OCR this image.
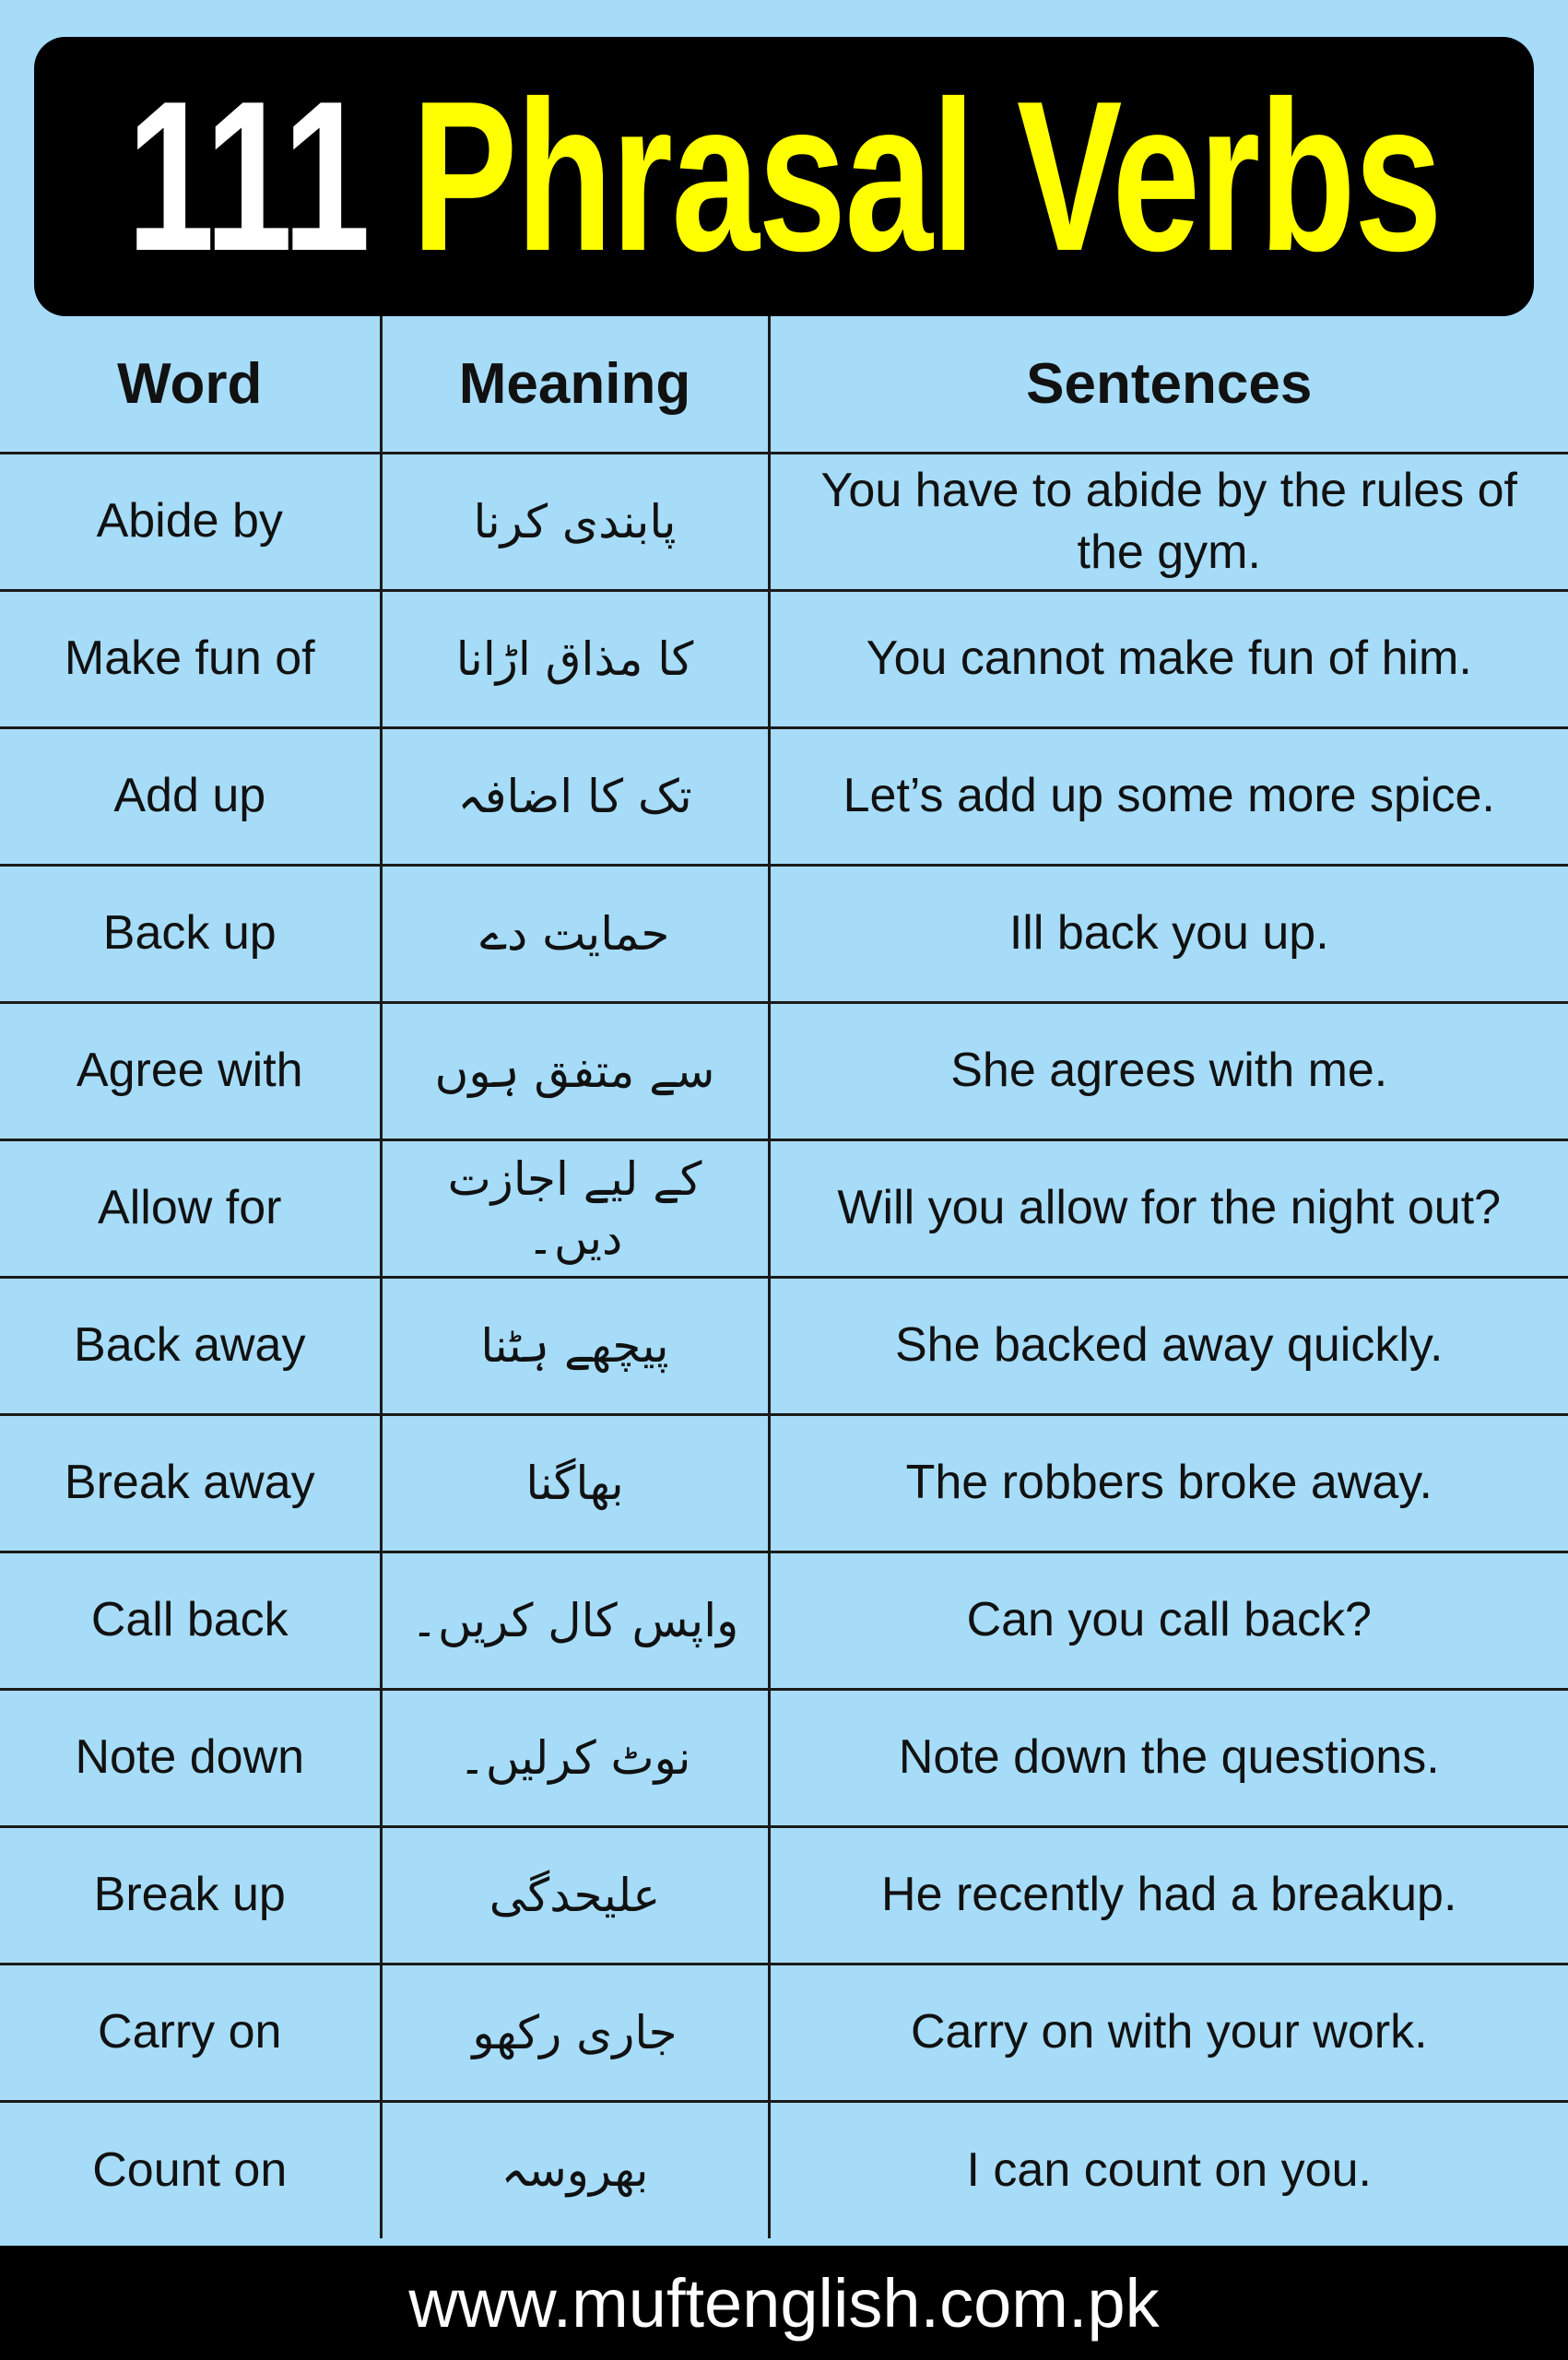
111 Phrasal Verbs
Word	Meaning	Sentences
Abide by	پابندی کرنا	You have to abide by the rules of the gym.
Make fun of	کا مذاق اڑانا	You cannot make fun of him.
Add up	تک کا اضافہ	Let’s add up some more spice.
Back up	حمایت دے	Ill back you up.
Agree with	سے متفق ہوں	She agrees with me.
Allow for	کے لیے اجازت دیں۔	Will you allow for the night out?
Back away	پیچھے ہٹنا	She backed away quickly.
Break away	بھاگنا	The robbers broke away.
Call back	واپس کال کریں۔	Can you call back?
Note down	نوٹ کرلیں۔	Note down the questions.
Break up	علیحدگی	He recently had a breakup.
Carry on	جاری رکھو	Carry on with your work.
Count on	بھروسہ	I can count on you.
www.muftenglish.com.pk
